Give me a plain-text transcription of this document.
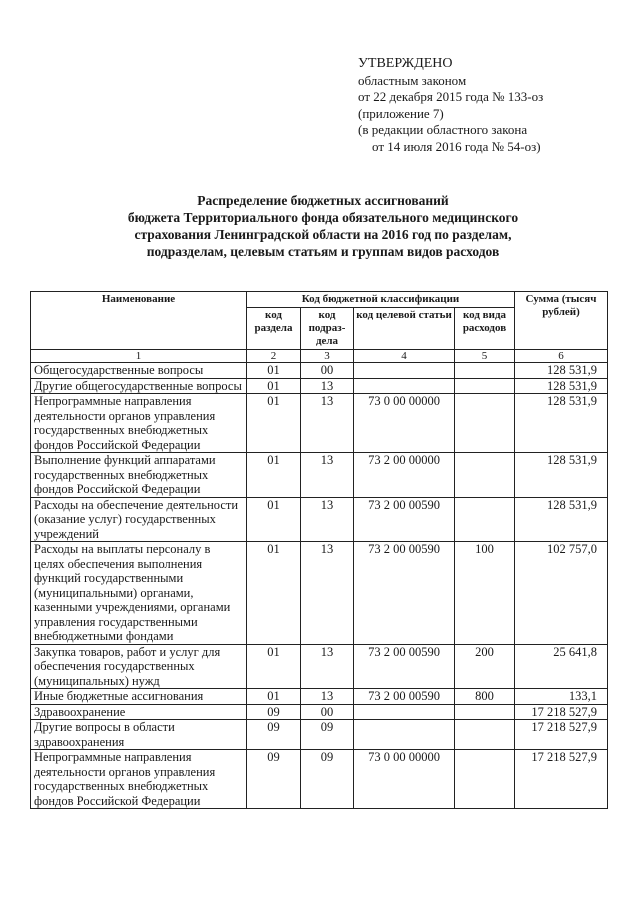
УТВЕРЖДЕНО
областным законом
от 22 декабря 2015 года № 133-оз
(приложение 7)
(в редакции областного закона
от 14 июля 2016 года № 54-оз)
Распределение бюджетных ассигнований
бюджета Территориального фонда обязательного медицинского
страхования Ленинградской области на 2016 год по разделам,
подразделам, целевым статьям и группам видов расходов
Наименование	Код бюджетной классификации				Сумма (тысяч рублей)
	код раздела	код подраз-дела	код целевой статьи	код вида расходов	
1	2	3	4	5	6
Общегосударственные вопросы	01	00			128 531,9
Другие общегосударственные вопросы	01	13			128 531,9
Непрограммные направления деятельности органов управления государственных внебюджетных фондов Российской Федерации	01	13	73 0 00 00000		128 531,9
Выполнение функций аппаратами государственных внебюджетных фондов Российской Федерации	01	13	73 2 00 00000		128 531,9
Расходы на обеспечение деятельности (оказание услуг) государственных учреждений	01	13	73 2 00 00590		128 531,9
Расходы на выплаты персоналу в целях обеспечения выполнения функций государственными (муниципальными) органами, казенными учреждениями, органами управления государственными внебюджетными фондами	01	13	73 2 00 00590	100	102 757,0
Закупка товаров, работ и услуг для обеспечения государственных (муниципальных) нужд	01	13	73 2 00 00590	200	25 641,8
Иные бюджетные ассигнования	01	13	73 2 00 00590	800	133,1
Здравоохранение	09	00			17 218 527,9
Другие вопросы в области здравоохранения	09	09			17 218 527,9
Непрограммные направления деятельности органов управления государственных внебюджетных фондов Российской Федерации	09	09	73 0 00 00000		17 218 527,9
